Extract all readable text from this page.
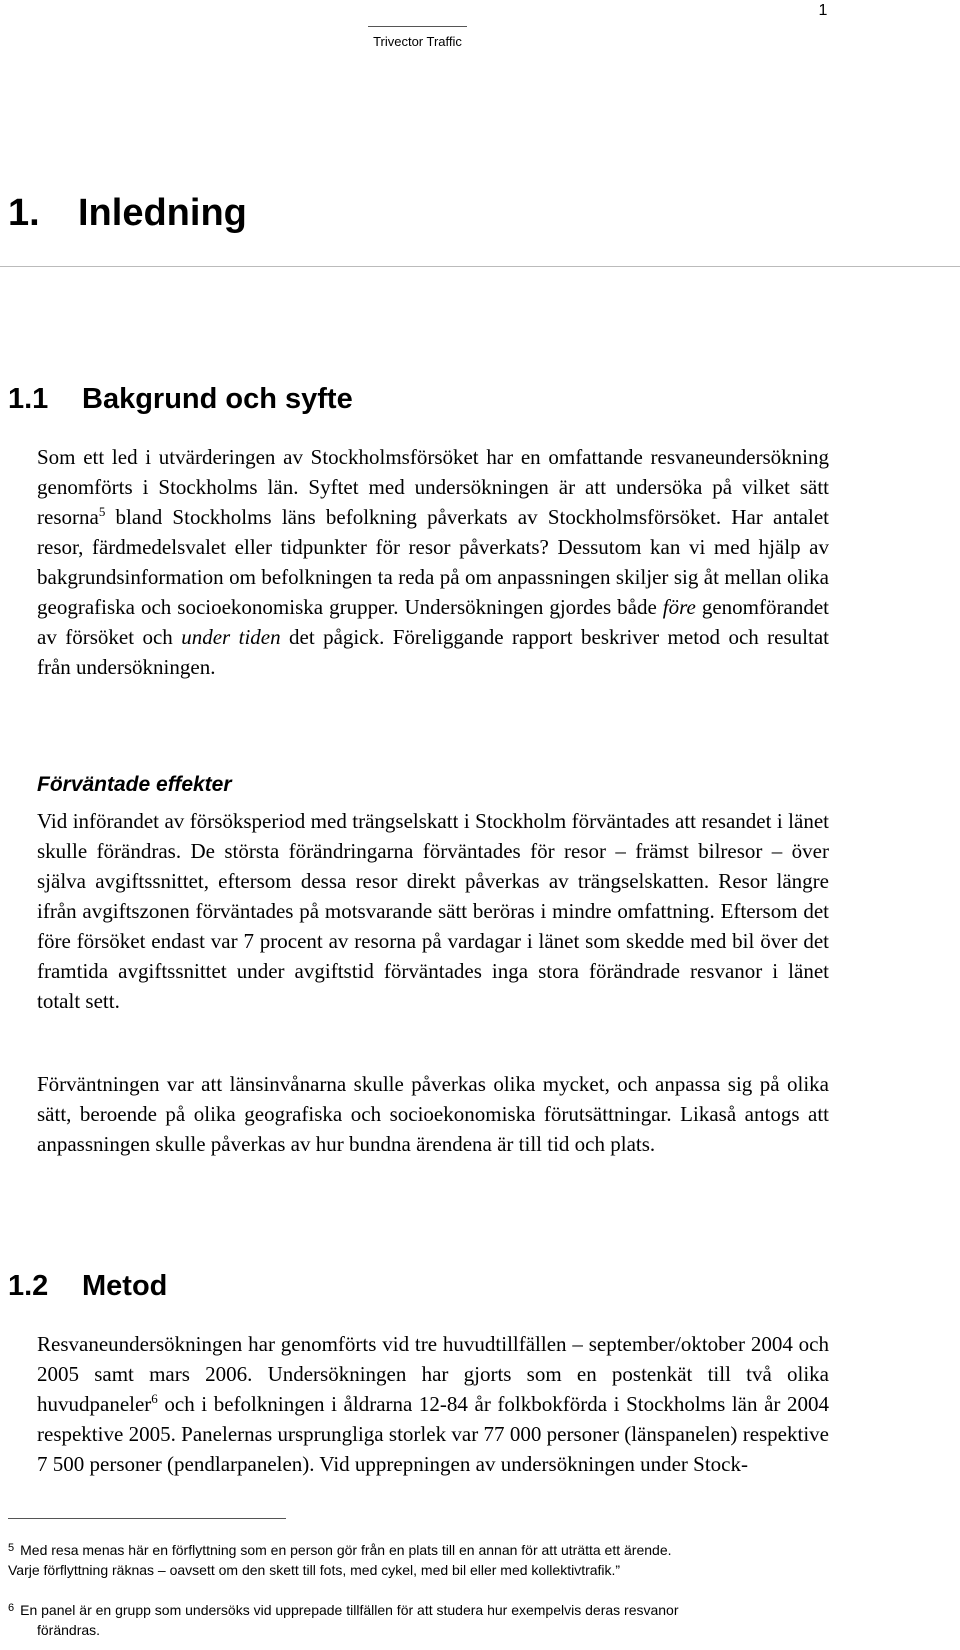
1
Trivector Traffic
1. Inledning
1.1 Bakgrund och syfte
Som ett led i utvärderingen av Stockholmsförsöket har en omfattande resvaneundersökning genomförts i Stockholms län. Syftet med undersökningen är att undersöka på vilket sätt resorna$^5$ bland Stockholms läns befolkning påverkats av Stockholmsförsöket. Har antalet resor, färdmedelsvalet eller tidpunkter för resor påverkats? Dessutom kan vi med hjälp av bakgrundsinformation om befolkningen ta reda på om anpassningen skiljer sig åt mellan olika geografiska och socioekonomiska grupper. Undersökningen gjordes både före genomförandet av försöket och under tiden det pågick. Föreliggande rapport beskriver metod och resultat från undersökningen.
Förväntade effekter
Vid införandet av försöksperiod med trängselskatt i Stockholm förväntades att resandet i länet skulle förändras. De största förändringarna förväntades för resor – främst bilresor – över själva avgiftssnittet, eftersom dessa resor direkt påverkas av trängselskatten. Resor längre ifrån avgiftszonen förväntades på motsvarande sätt beröras i mindre omfattning. Eftersom det före försöket endast var 7 procent av resorna på vardagar i länet som skedde med bil över det framtida avgiftssnittet under avgiftstid förväntades inga stora förändrade resvanor i länet totalt sett.
Förväntningen var att länsinvånarna skulle påverkas olika mycket, och anpassa sig på olika sätt, beroende på olika geografiska och socioekonomiska förutsättningar. Likaså antogs att anpassningen skulle påverkas av hur bundna ärendena är till tid och plats.
1.2 Metod
Resvaneundersökningen har genomförts vid tre huvudtillfällen – september/oktober 2004 och 2005 samt mars 2006. Undersökningen har gjorts som en postenkät till två olika huvudpaneler$^6$ och i befolkningen i åldrarna 12-84 år folkbokförda i Stockholms län år 2004 respektive 2005. Panelernas ursprungliga storlek var 77 000 personer (länspanelen) respektive 7 500 personer (pendlarpanelen). Vid upprepningen av undersökningen under Stock-
$^5$ Med resa menas här en förflyttning som en person gör från en plats till en annan för att uträtta ett ärende.
Varje förflyttning räknas – oavsett om den skett till fots, med cykel, med bil eller med kollektivtrafik.”
$^6$ En panel är en grupp som undersöks vid upprepade tillfällen för att studera hur exempelvis deras resvanor
förändras.
